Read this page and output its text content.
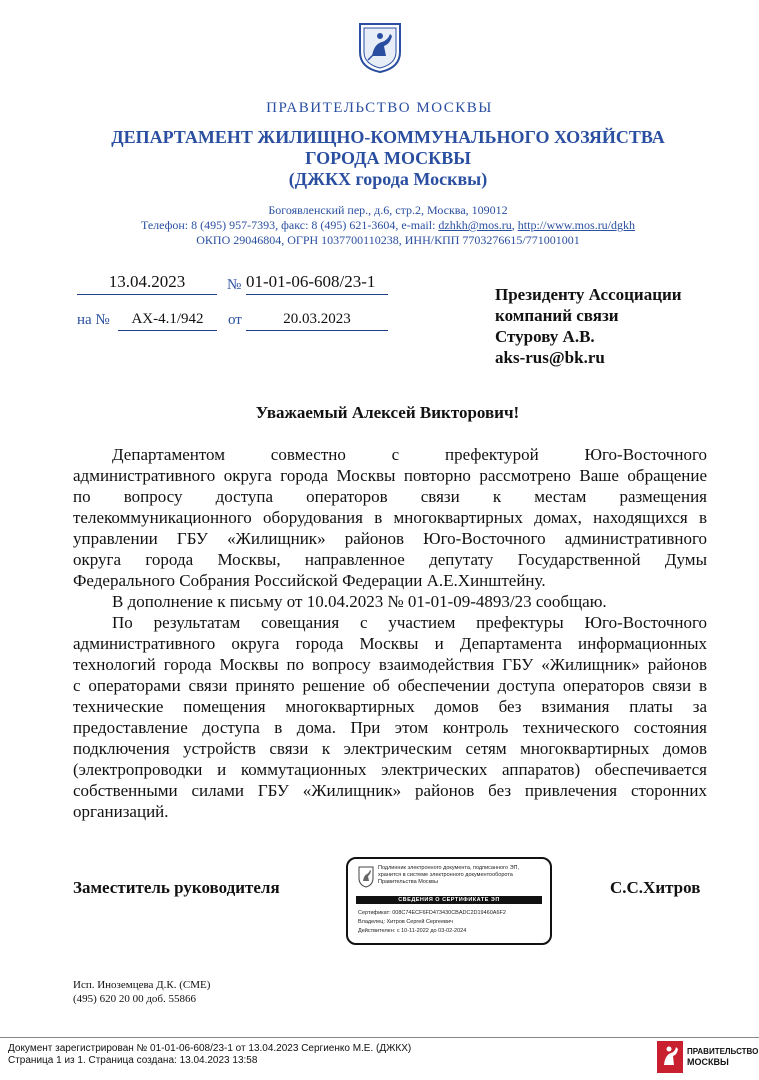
ПРАВИТЕЛЬСТВО МОСКВЫ
ДЕПАРТАМЕНТ ЖИЛИЩНО-КОММУНАЛЬНОГО ХОЗЯЙСТВА
ГОРОДА МОСКВЫ
(ДЖКХ города Москвы)
Богоявленский пер., д.6, стр.2, Москва, 109012
Телефон: 8 (495) 957-7393, факс: 8 (495) 621-3604, e-mail: dzhkh@mos.ru, http://www.mos.ru/dgkh
ОКПО 29046804, ОГРН 1037700110238, ИНН/КПП 7703276615/771001001
13.04.2023	№ 01-01-06-608/23-1
на №	АХ-4.1/942	от	20.03.2023
Президенту Ассоциации
компаний связи
Стурову А.В.
aks-rus@bk.ru
Уважаемый Алексей Викторович!
Департаментом совместно с префектурой Юго-Восточного
административного округа города Москвы повторно рассмотрено Ваше обращение
по вопросу доступа операторов связи к местам размещения
телекоммуникационного оборудования в многоквартирных домах, находящихся в
управлении ГБУ «Жилищник» районов Юго-Восточного административного
округа города Москвы, направленное депутату Государственной Думы
Федерального Собрания Российской Федерации А.Е.Хинштейну.
В дополнение к письму от 10.04.2023 № 01-01-09-4893/23 сообщаю.
По результатам совещания с участием префектуры Юго-Восточного
административного округа города Москвы и Департамента информационных
технологий города Москвы по вопросу взаимодействия ГБУ «Жилищник» районов
с операторами связи принято решение об обеспечении доступа операторов связи в
технические помещения многоквартирных домов без взимания платы за
предоставление доступа в дома. При этом контроль технического состояния
подключения устройств связи к электрическим сетям многоквартирных домов
(электропроводки и коммутационных электрических аппаратов) обеспечивается
собственными силами ГБУ «Жилищник» районов без привлечения сторонних
организаций.
Заместитель руководителя	С.С.Хитров
Подлинник электронного документа, подписанного ЭП,
хранится в системе электронного документооборота
Правительства Москвы
СВЕДЕНИЯ О СЕРТИФИКАТЕ ЭП
Сертификат: 008C74ECF6FD473430CBADC2D19460A6F2
Владелец: Хитров Сергей Сергеевич
Действителен: с 10-11-2022 до 03-02-2024
Исп. Иноземцева Д.К. (СМЕ)
(495) 620 20 00 доб. 55866
Документ зарегистрирован № 01-01-06-608/23-1 от 13.04.2023 Сергиенко М.Е. (ДЖКХ)
Страница 1 из 1. Страница создана: 13.04.2023 13:58
ПРАВИТЕЛЬСТВО
МОСКВЫ
